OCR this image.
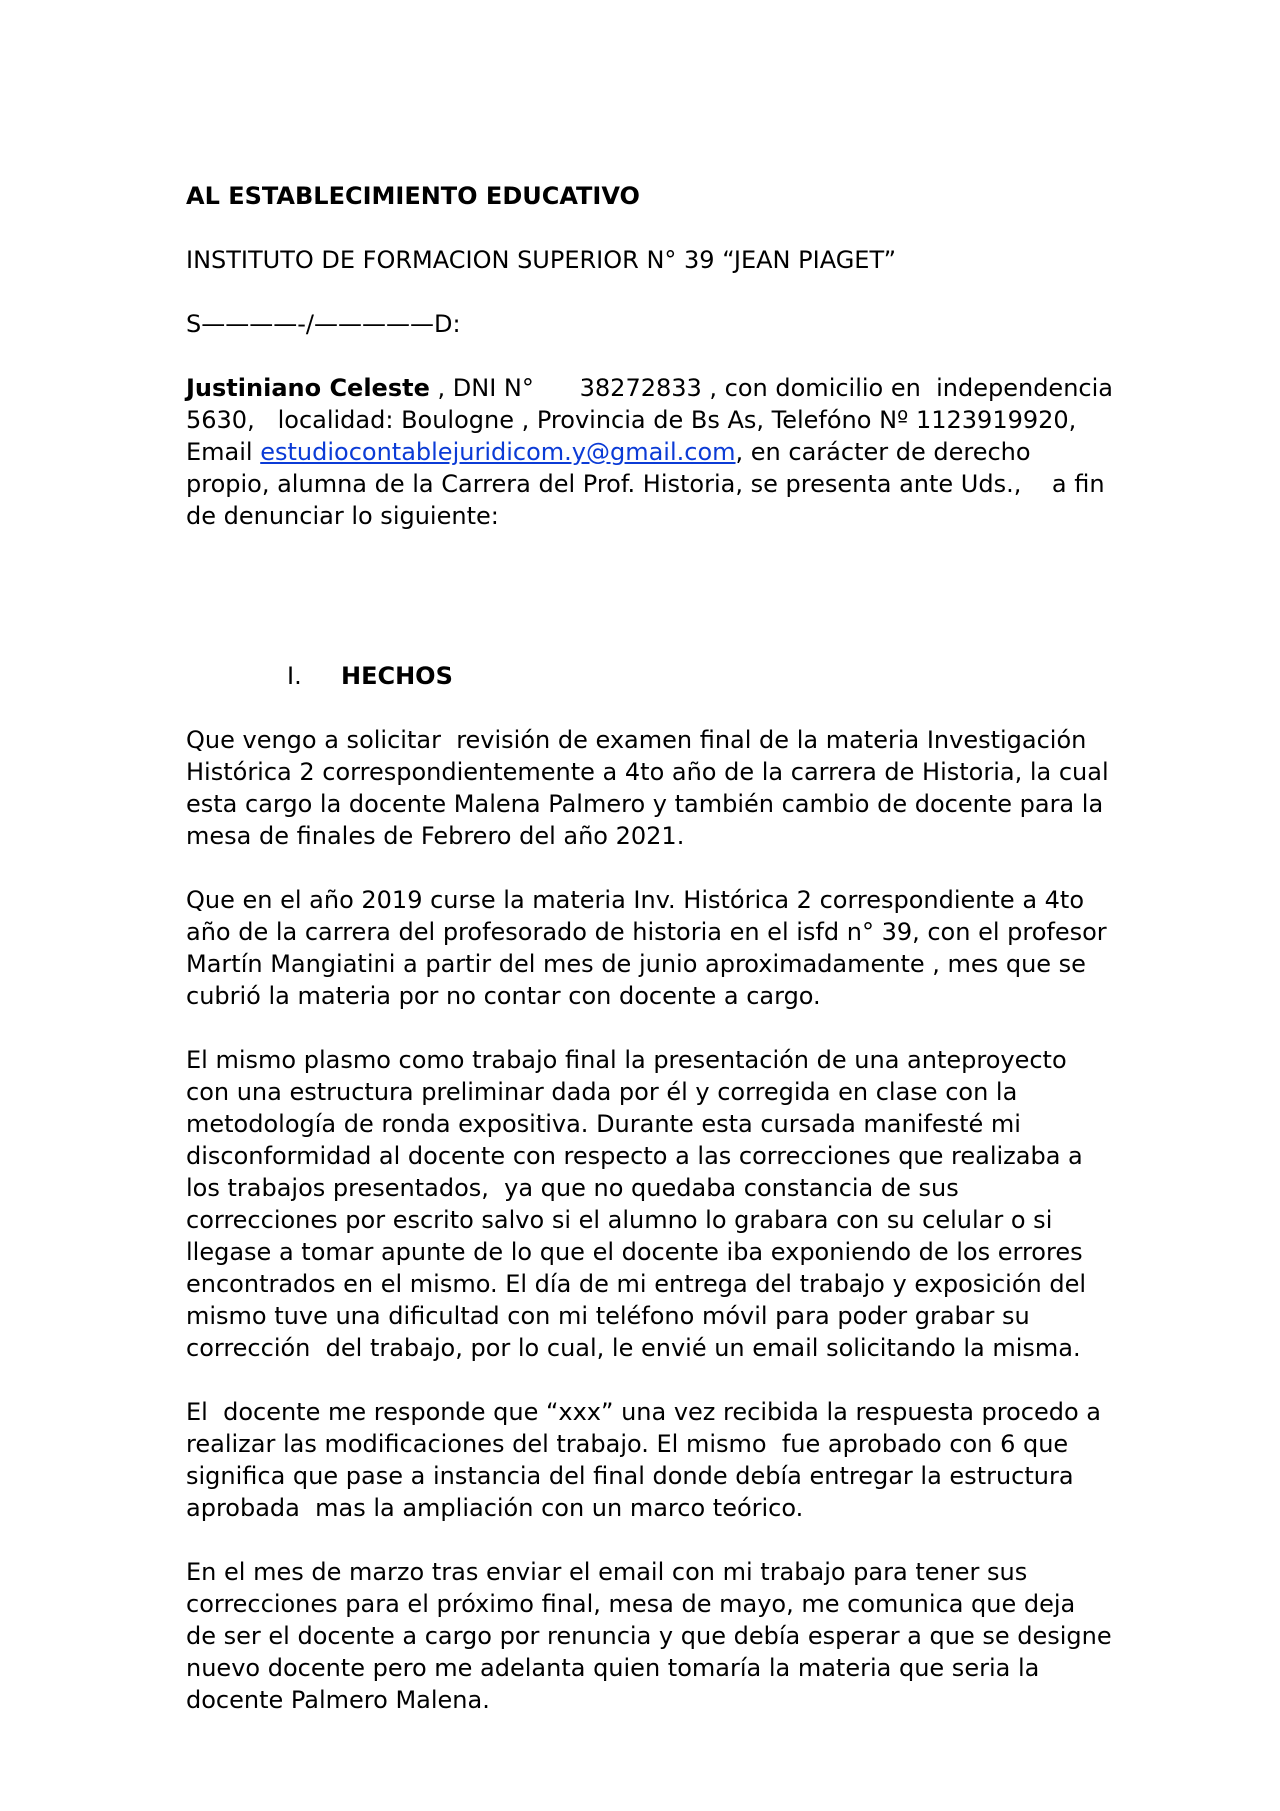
AL ESTABLECIMIENTO EDUCATIVO

INSTITUTO DE FORMACION SUPERIOR N° 39 “JEAN PIAGET”

S————-/—————D:

Justiniano Celeste , DNI N°      38272833 , con domicilio en  independencia

5630,   localidad: Boulogne , Provincia de Bs As, Telefóno Nº 1123919920,

Email estudiocontablejuridicom.y@gmail.com, en carácter de derecho

propio, alumna de la Carrera del Prof. Historia, se presenta ante Uds.,    a fin

de denunciar lo siguiente:

I. HECHOS

Que vengo a solicitar  revisión de examen final de la materia Investigación

Histórica 2 correspondientemente a 4to año de la carrera de Historia, la cual

esta cargo la docente Malena Palmero y también cambio de docente para la

mesa de finales de Febrero del año 2021.

Que en el año 2019 curse la materia Inv. Histórica 2 correspondiente a 4to

año de la carrera del profesorado de historia en el isfd n° 39, con el profesor

Martín Mangiatini a partir del mes de junio aproximadamente , mes que se

cubrió la materia por no contar con docente a cargo.

El mismo plasmo como trabajo final la presentación de una anteproyecto

con una estructura preliminar dada por él y corregida en clase con la

metodología de ronda expositiva. Durante esta cursada manifesté mi

disconformidad al docente con respecto a las correcciones que realizaba a

los trabajos presentados,  ya que no quedaba constancia de sus

correcciones por escrito salvo si el alumno lo grabara con su celular o si

llegase a tomar apunte de lo que el docente iba exponiendo de los errores

encontrados en el mismo. El día de mi entrega del trabajo y exposición del

mismo tuve una dificultad con mi teléfono móvil para poder grabar su

corrección  del trabajo, por lo cual, le envié un email solicitando la misma.

El  docente me responde que “xxx” una vez recibida la respuesta procedo a

realizar las modificaciones del trabajo. El mismo  fue aprobado con 6 que

significa que pase a instancia del final donde debía entregar la estructura

aprobada  mas la ampliación con un marco teórico.

En el mes de marzo tras enviar el email con mi trabajo para tener sus

correcciones para el próximo final, mesa de mayo, me comunica que deja

de ser el docente a cargo por renuncia y que debía esperar a que se designe

nuevo docente pero me adelanta quien tomaría la materia que seria la

docente Palmero Malena.
